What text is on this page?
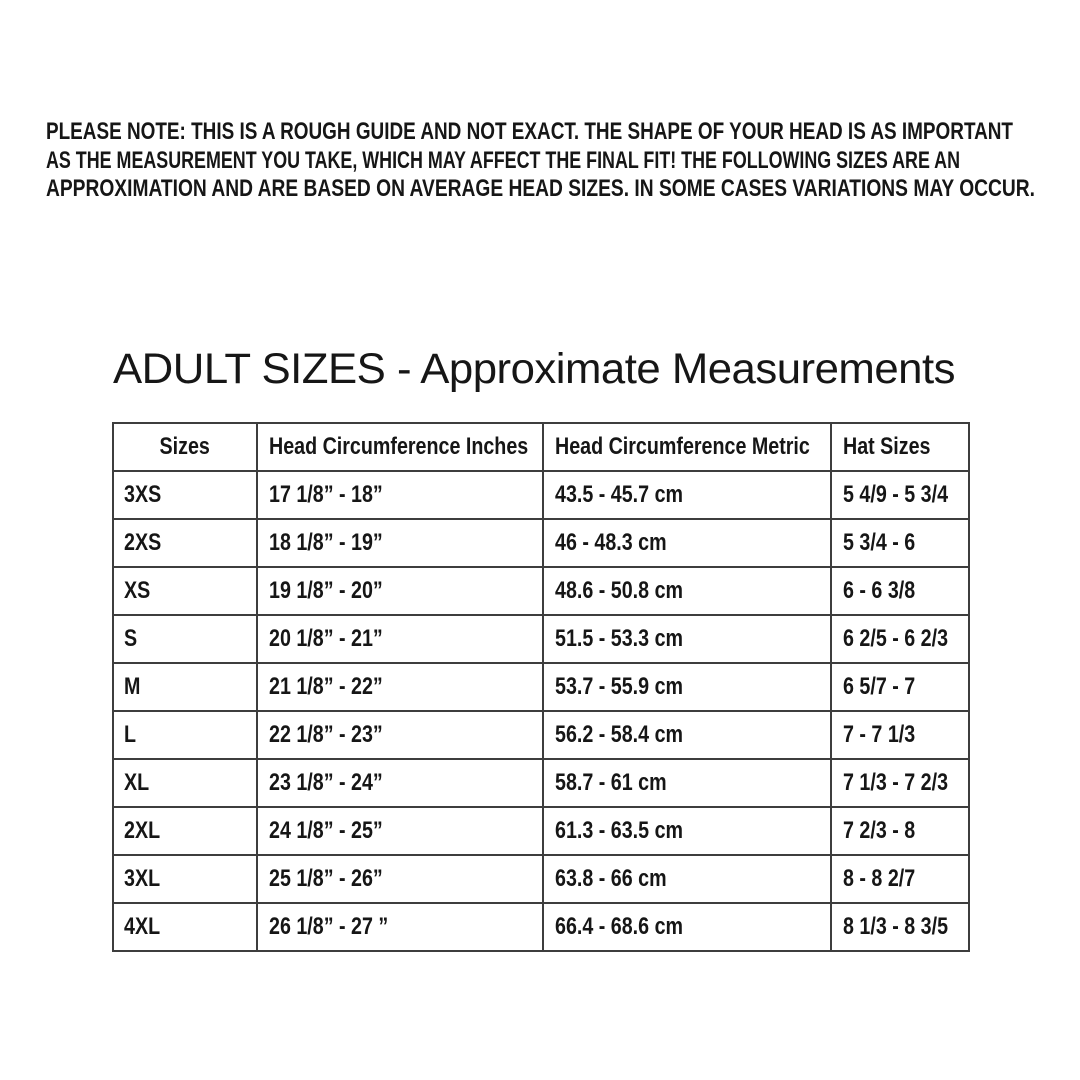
PLEASE NOTE: THIS IS A ROUGH GUIDE AND NOT EXACT. THE SHAPE OF YOUR HEAD IS AS IMPORTANT
AS THE MEASUREMENT YOU TAKE, WHICH MAY AFFECT THE FINAL FIT! THE FOLLOWING SIZES ARE AN
APPROXIMATION AND ARE BASED ON AVERAGE HEAD SIZES. IN SOME CASES VARIATIONS MAY OCCUR.
ADULT SIZES - Approximate Measurements
Sizes	Head Circumference Inches	Head Circumference Metric	Hat Sizes
3XS	17 1/8” - 18”	43.5 - 45.7 cm	5 4/9 - 5 3/4
2XS	18 1/8” - 19”	46 - 48.3 cm	5 3/4 - 6
XS	19 1/8” - 20”	48.6 - 50.8 cm	6 - 6 3/8
S	20 1/8” - 21”	51.5 - 53.3 cm	6 2/5 - 6 2/3
M	21 1/8” - 22”	53.7 - 55.9 cm	6 5/7 - 7
L	22 1/8” - 23”	56.2 - 58.4 cm	7 - 7 1/3
XL	23 1/8” - 24”	58.7 - 61 cm	7 1/3 - 7 2/3
2XL	24 1/8” - 25”	61.3 - 63.5 cm	7 2/3 - 8
3XL	25 1/8” - 26”	63.8 - 66 cm	8 - 8 2/7
4XL	26 1/8” - 27 ”	66.4 - 68.6 cm	8 1/3 - 8 3/5
